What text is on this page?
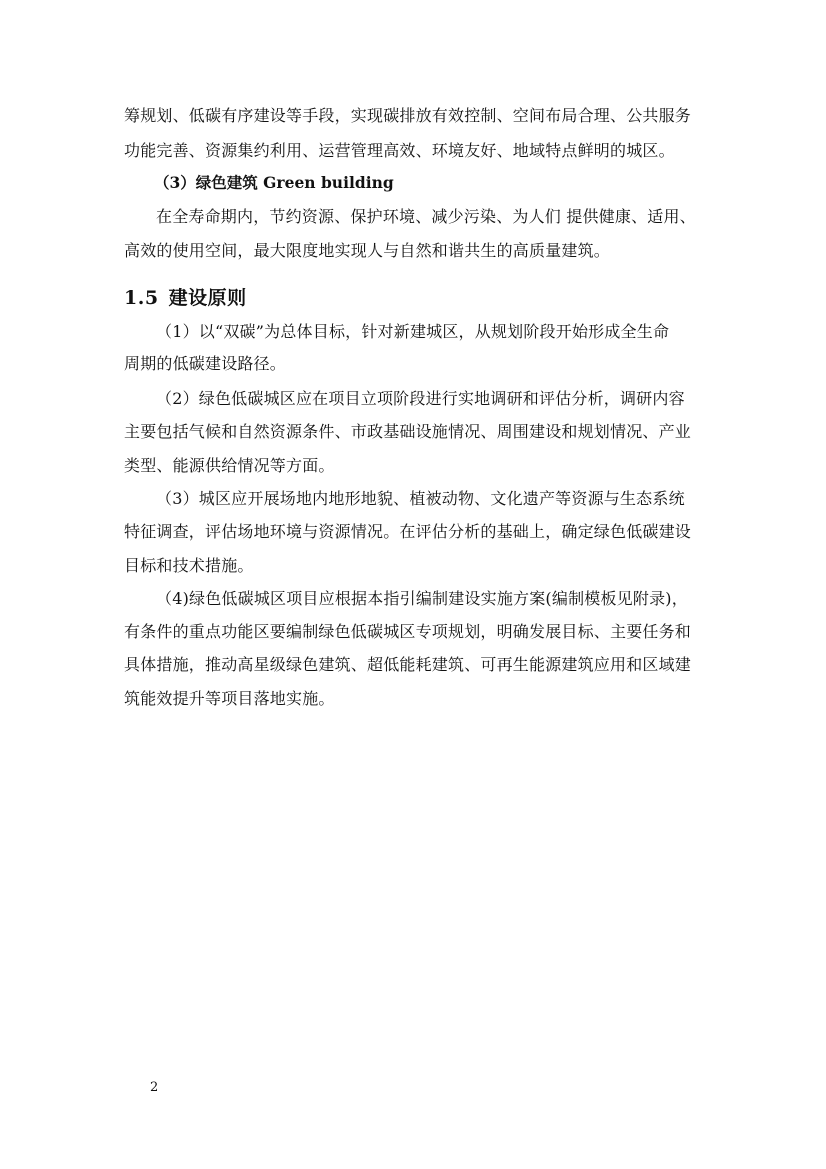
筹规划、低碳有序建设等手段，实现碳排放有效控制、空间布局合理、公共服务
功能完善、资源集约利用、运营管理高效、环境友好、地域特点鲜明的城区。
（3）绿色建筑 Green building
在全寿命期内，节约资源、保护环境、减少污染、为人们 提供健康、适用、
高效的使用空间，最大限度地实现人与自然和谐共生的高质量建筑。
1.5 建设原则
（1）以“双碳”为总体目标，针对新建城区，从规划阶段开始形成全生命
周期的低碳建设路径。
（2）绿色低碳城区应在项目立项阶段进行实地调研和评估分析，调研内容
主要包括气候和自然资源条件、市政基础设施情况、周围建设和规划情况、产业
类型、能源供给情况等方面。
（3）城区应开展场地内地形地貌、植被动物、文化遗产等资源与生态系统
特征调查，评估场地环境与资源情况。在评估分析的基础上，确定绿色低碳建设
目标和技术措施。
（4)绿色低碳城区项目应根据本指引编制建设实施方案(编制模板见附录)，
有条件的重点功能区要编制绿色低碳城区专项规划，明确发展目标、主要任务和
具体措施，推动高星级绿色建筑、超低能耗建筑、可再生能源建筑应用和区域建
筑能效提升等项目落地实施。
2
